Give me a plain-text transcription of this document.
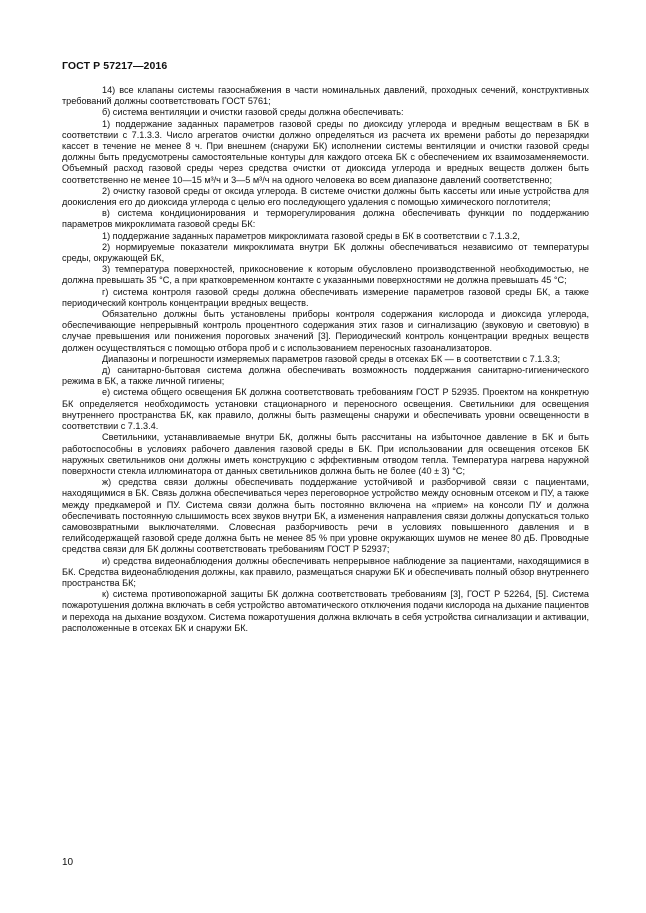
ГОСТ Р 57217—2016

14) все клапаны системы газоснабжения в части номинальных давлений, проходных сечений, конструктивных требований должны соответствовать ГОСТ 5761;

б) система вентиляции и очистки газовой среды должна обеспечивать:

1) поддержание заданных параметров газовой среды по диоксиду углерода и вредным веществам в БК в соответствии с 7.1.3.3. Число агрегатов очистки должно определяться из расчета их времени работы до перезарядки кассет в течение не менее 8 ч. При внешнем (снаружи БК) исполнении системы вентиляции и очистки газовой среды должны быть предусмотрены самостоятельные контуры для каждого отсека БК с обеспечением их взаимозаменяемости. Объемный расход газовой среды через средства очистки от диоксида углерода и вредных веществ должен быть соответственно не менее 10—15 м³/ч и 3—5 м³/ч на одного человека во всем диапазоне давлений соответственно;

2) очистку газовой среды от оксида углерода. В системе очистки должны быть кассеты или иные устройства для доокисления его до диоксида углерода с целью его последующего удаления с помощью химического поглотителя;

в) система кондиционирования и терморегулирования должна обеспечивать функции по поддержанию параметров микроклимата газовой среды БК:

1) поддержание заданных параметров микроклимата газовой среды в БК в соответствии с 7.1.3.2,

2) нормируемые показатели микроклимата внутри БК должны обеспечиваться независимо от температуры среды, окружающей БК,

3) температура поверхностей, прикосновение к которым обусловлено производственной необходимостью, не должна превышать 35 °С, а при кратковременном контакте с указанными поверхностями не должна превышать 45 °С;

г) система контроля газовой среды должна обеспечивать измерение параметров газовой среды БК, а также периодический контроль концентрации вредных веществ.

Обязательно должны быть установлены приборы контроля содержания кислорода и диоксида углерода, обеспечивающие непрерывный контроль процентного содержания этих газов и сигнализацию (звуковую и световую) в случае превышения или понижения пороговых значений [3]. Периодический контроль концентрации вредных веществ должен осуществляться с помощью отбора проб и с использованием переносных газоанализаторов.

Диапазоны и погрешности измеряемых параметров газовой среды в отсеках БК — в соответствии с 7.1.3.3;

д) санитарно-бытовая система должна обеспечивать возможность поддержания санитарно-гигиенического режима в БК, а также личной гигиены;

е) система общего освещения БК должна соответствовать требованиям ГОСТ Р 52935. Проектом на конкретную БК определяется необходимость установки стационарного и переносного освещения. Светильники для освещения внутреннего пространства БК, как правило, должны быть размещены снаружи и обеспечивать уровни освещенности в соответствии с 7.1.3.4.

Светильники, устанавливаемые внутри БК, должны быть рассчитаны на избыточное давление в БК и быть работоспособны в условиях рабочего давления газовой среды в БК. При использовании для освещения отсеков БК наружных светильников они должны иметь конструкцию с эффективным отводом тепла. Температура нагрева наружной поверхности стекла иллюминатора от данных светильников должна быть не более (40 ± 3) °С;

ж) средства связи должны обеспечивать поддержание устойчивой и разборчивой связи с пациентами, находящимися в БК. Связь должна обеспечиваться через переговорное устройство между основным отсеком и ПУ, а также между предкамерой и ПУ. Система связи должна быть постоянно включена на «прием» на консоли ПУ и должна обеспечивать постоянную слышимость всех звуков внутри БК, а изменения направления связи должны допускаться только самовозвратными выключателями. Словесная разборчивость речи в условиях повышенного давления и в гелийсодержащей газовой среде должна быть не менее 85 % при уровне окружающих шумов не менее 80 дБ. Проводные средства связи для БК должны соответствовать требованиям ГОСТ Р 52937;

и) средства видеонаблюдения должны обеспечивать непрерывное наблюдение за пациентами, находящимися в БК. Средства видеонаблюдения должны, как правило, размещаться снаружи БК и обеспечивать полный обзор внутреннего пространства БК;

к) система противопожарной защиты БК должна соответствовать требованиям [3], ГОСТ Р 52264, [5]. Система пожаротушения должна включать в себя устройство автоматического отключения подачи кислорода на дыхание пациентов и перехода на дыхание воздухом. Система пожаротушения должна включать в себя устройства сигнализации и активации, расположенные в отсеках БК и снаружи БК.

10
